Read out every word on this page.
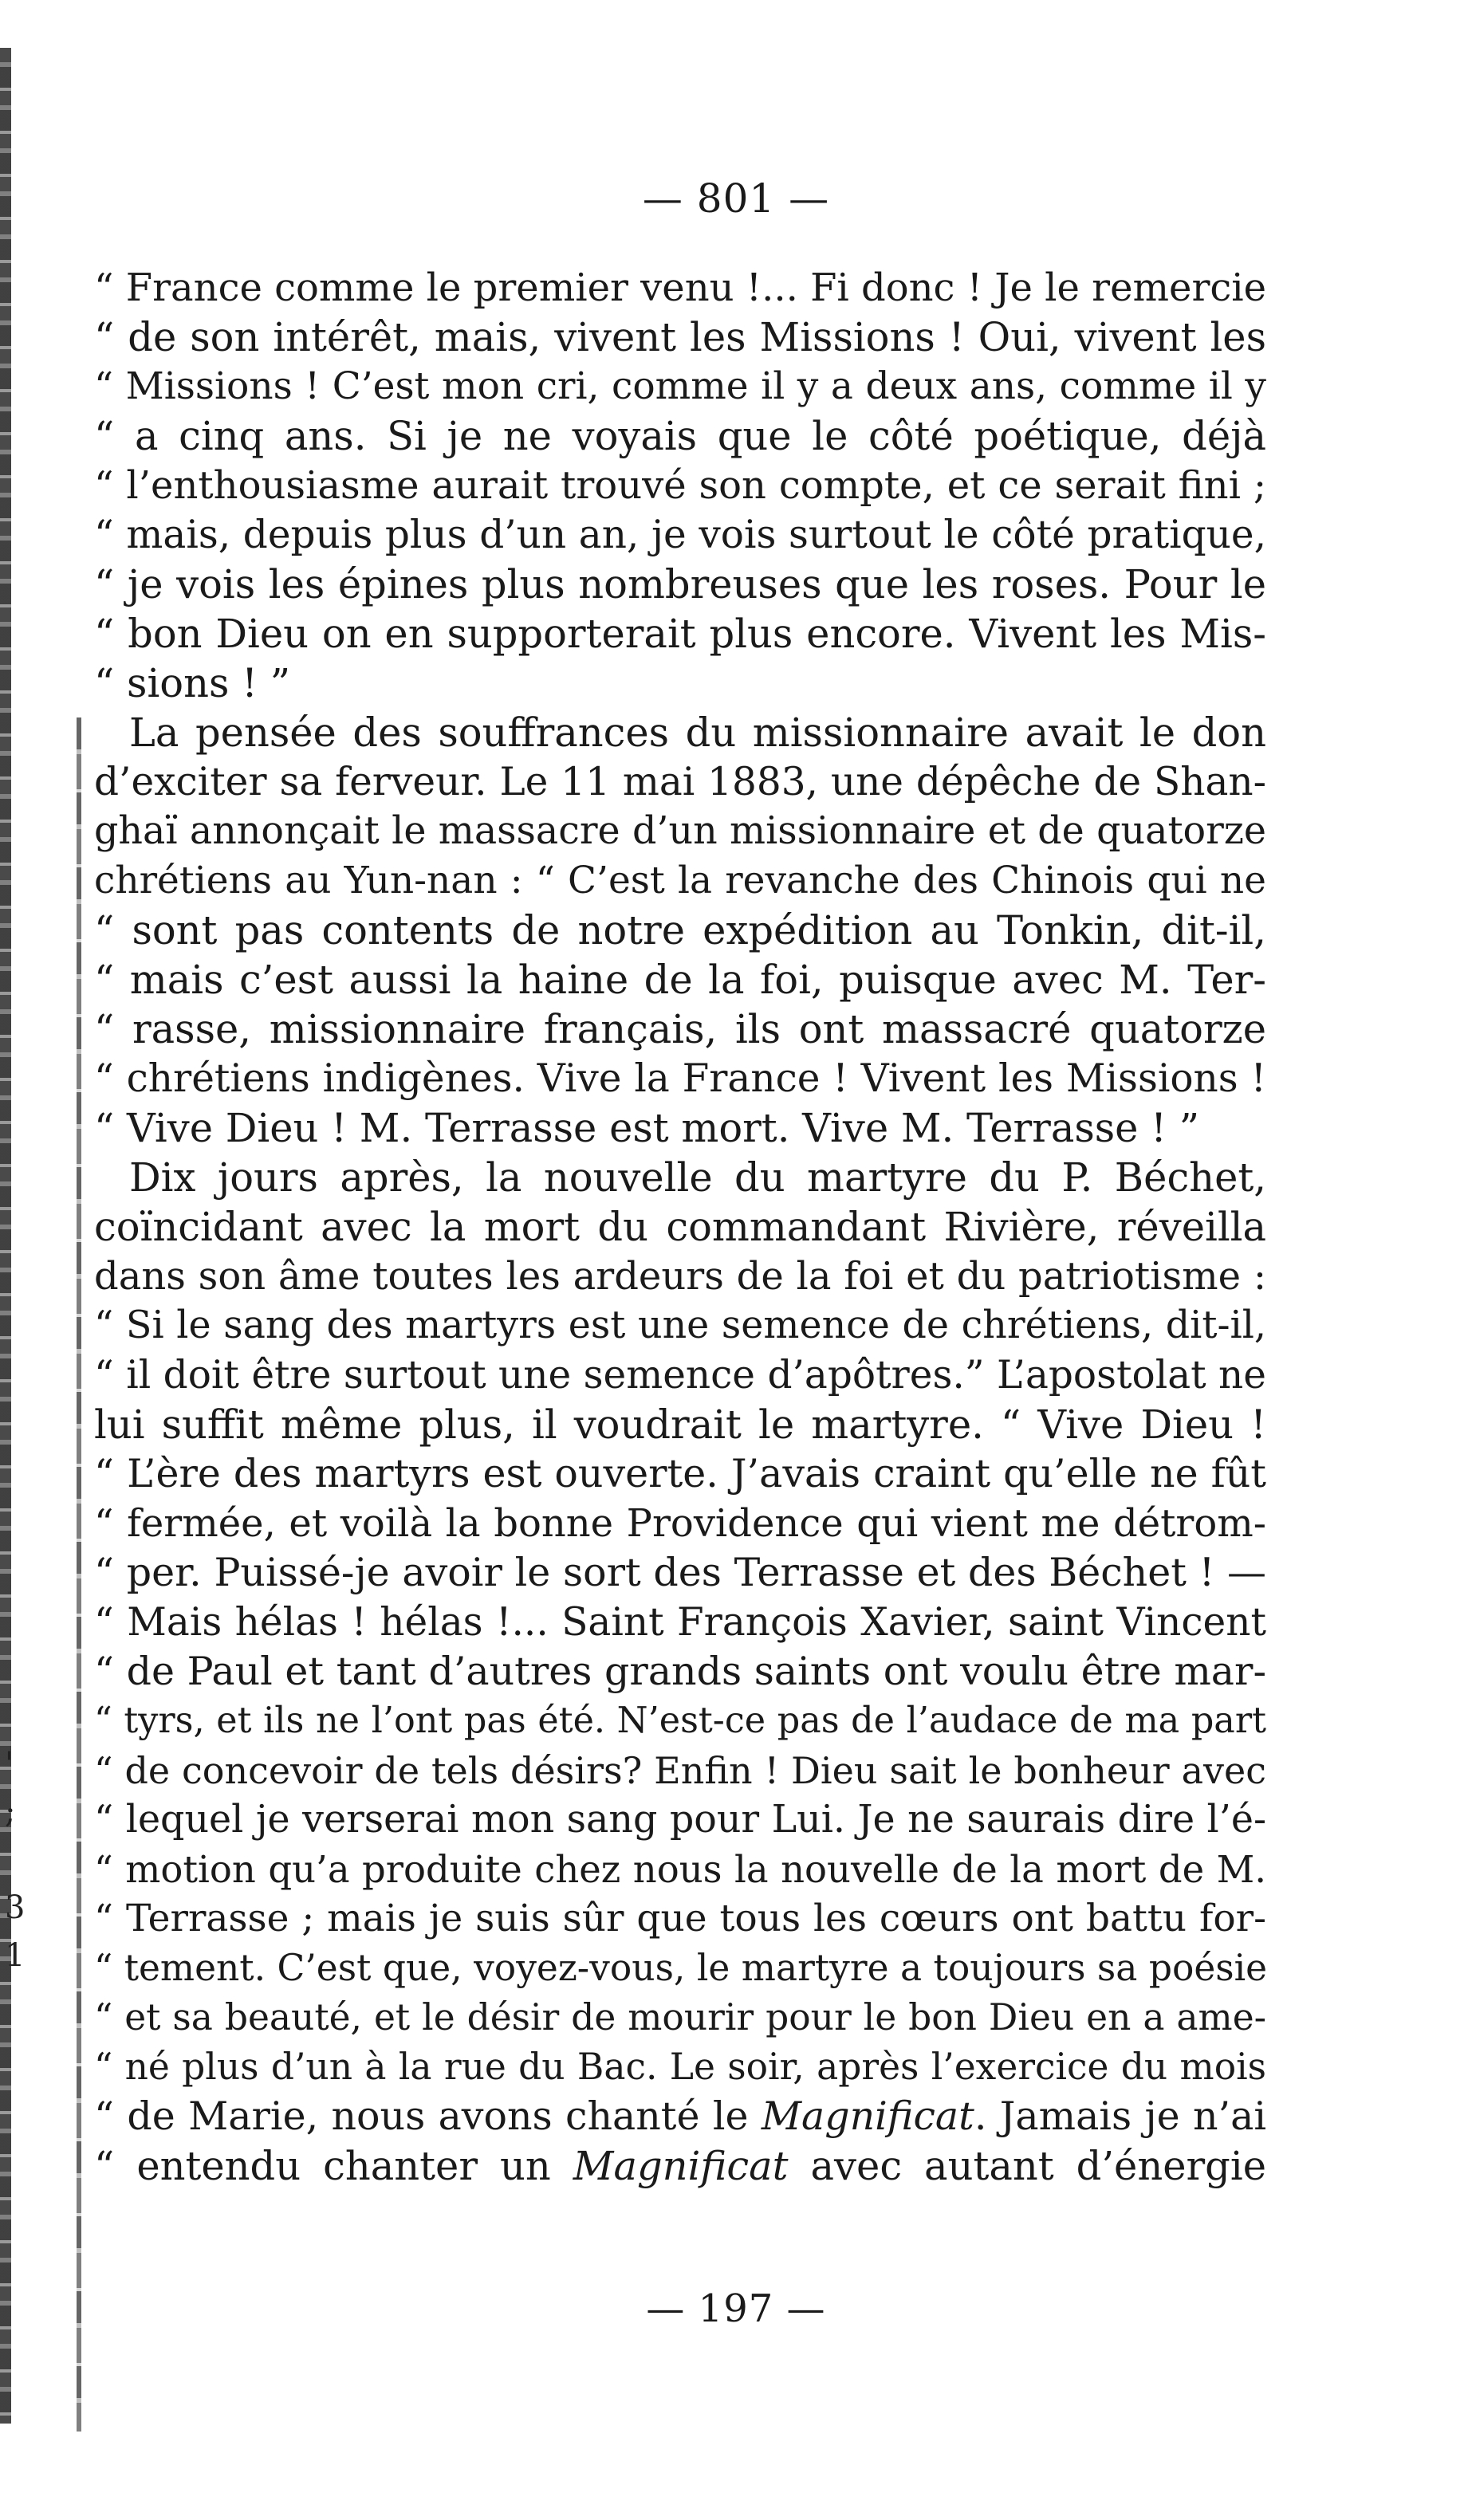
'
;
3
1
— 801 —
“ France comme le premier venu !... Fi donc ! Je le remercie
“ de son intérêt, mais, vivent les Missions ! Oui, vivent les
“ Missions ! C’est mon cri, comme il y a deux ans, comme il y
“ a cinq ans. Si je ne voyais que le côté poétique, déjà
“ l’enthousiasme aurait trouvé son compte, et ce serait fini ;
“ mais, depuis plus d’un an, je vois surtout le côté pratique,
“ je vois les épines plus nombreuses que les roses. Pour le
“ bon Dieu on en supporterait plus encore. Vivent les Mis-
“ sions ! ”
La pensée des souffrances du missionnaire avait le don
d’exciter sa ferveur. Le 11 mai 1883, une dépêche de Shan-
ghaï annonçait le massacre d’un missionnaire et de quatorze
chrétiens au Yun-nan : “ C’est la revanche des Chinois qui ne
“ sont pas contents de notre expédition au Tonkin, dit-il,
“ mais c’est aussi la haine de la foi, puisque avec M. Ter-
“ rasse, missionnaire français, ils ont massacré quatorze
“ chrétiens indigènes. Vive la France ! Vivent les Missions !
“ Vive Dieu ! M. Terrasse est mort. Vive M. Terrasse ! ”
Dix jours après, la nouvelle du martyre du P. Béchet,
coïncidant avec la mort du commandant Rivière, réveilla
dans son âme toutes les ardeurs de la foi et du patriotisme :
“ Si le sang des martyrs est une semence de chrétiens, dit-il,
“ il doit être surtout une semence d’apôtres.” L’apostolat ne
lui suffit même plus, il voudrait le martyre. “ Vive Dieu !
“ L’ère des martyrs est ouverte. J’avais craint qu’elle ne fût
“ fermée, et voilà la bonne Providence qui vient me détrom-
“ per. Puissé-je avoir le sort des Terrasse et des Béchet ! —
“ Mais hélas ! hélas !... Saint François Xavier, saint Vincent
“ de Paul et tant d’autres grands saints ont voulu être mar-
“ tyrs, et ils ne l’ont pas été. N’est-ce pas de l’audace de ma part
“ de concevoir de tels désirs? Enfin ! Dieu sait le bonheur avec
“ lequel je verserai mon sang pour Lui. Je ne saurais dire l’é-
“ motion qu’a produite chez nous la nouvelle de la mort de M.
“ Terrasse ; mais je suis sûr que tous les cœurs ont battu for-
“ tement. C’est que, voyez-vous, le martyre a toujours sa poésie
“ et sa beauté, et le désir de mourir pour le bon Dieu en a ame-
“ né plus d’un à la rue du Bac. Le soir, après l’exercice du mois
“ de Marie, nous avons chanté le Magnificat. Jamais je n’ai
“ entendu chanter un Magnificat avec autant d’énergie
— 197 —
